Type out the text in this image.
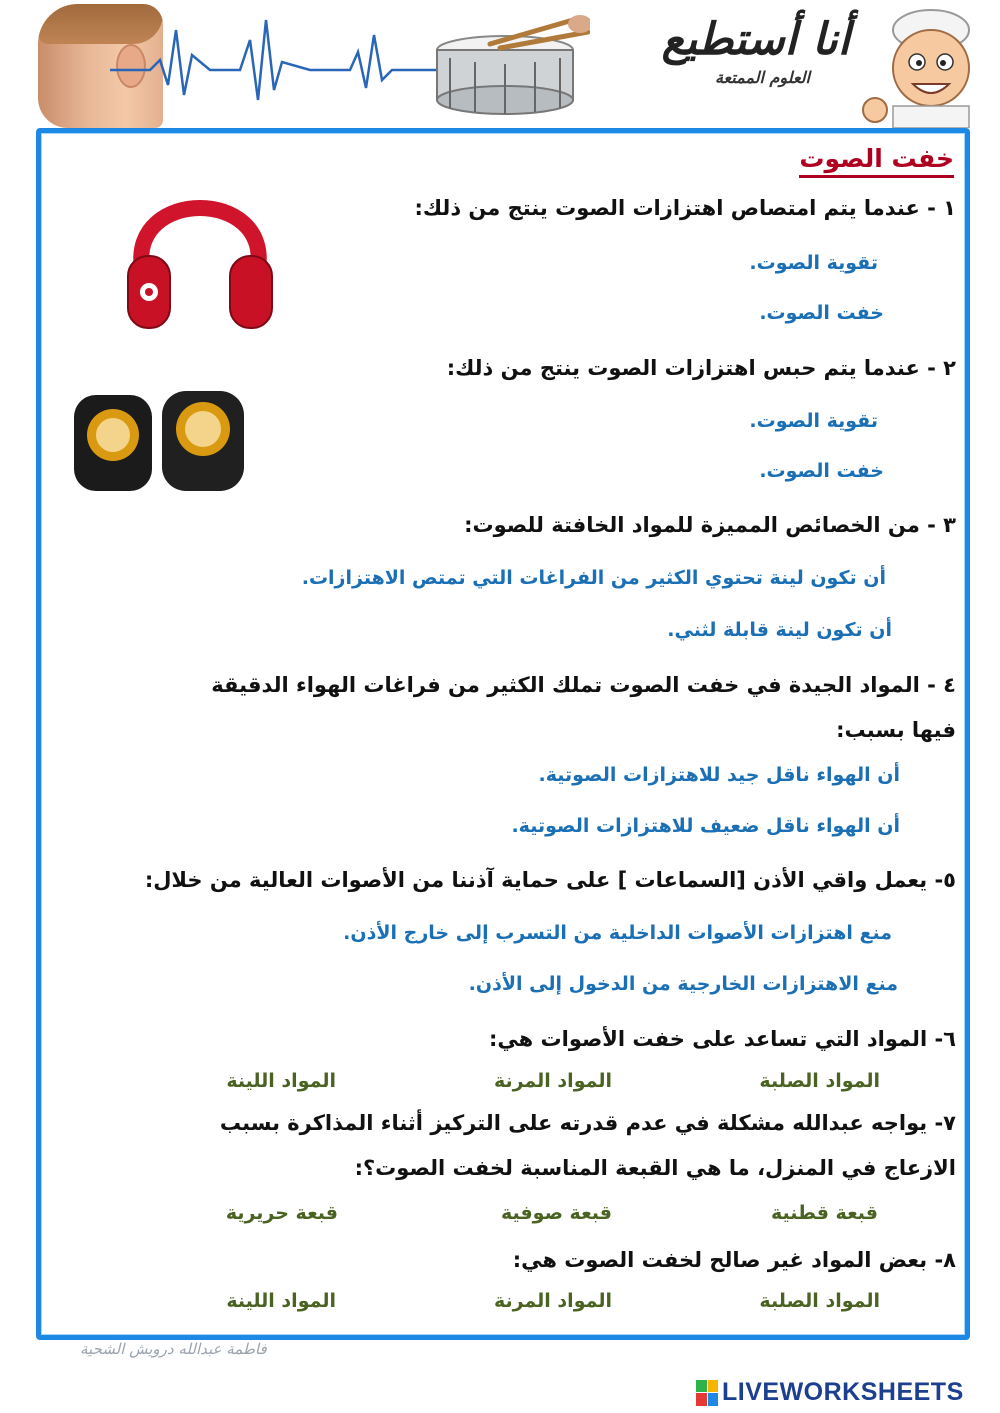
أنا أستطيع
العلوم الممتعة
خفت الصوت
١ - عندما يتم امتصاص اهتزازات الصوت ينتج من ذلك:
تقوية الصوت.
خفت الصوت.
٢ - عندما يتم حبس اهتزازات الصوت ينتج من ذلك:
تقوية الصوت.
خفت الصوت.
٣ - من الخصائص المميزة للمواد الخافتة للصوت:
أن تكون لينة تحتوي الكثير من الفراغات التي تمتص الاهتزازات.
أن تكون لينة قابلة لثني.
٤ - المواد الجيدة في خفت الصوت تملك الكثير من فراغات الهواء الدقيقة
فيها بسبب:
أن الهواء ناقل جيد للاهتزازات الصوتية.
أن الهواء ناقل ضعيف للاهتزازات الصوتية.
٥- يعمل واقي الأذن [السماعات ] على حماية آذننا من الأصوات العالية من خلال:
منع اهتزازات الأصوات الداخلية من التسرب إلى خارج الأذن.
منع الاهتزازات الخارجية من الدخول إلى الأذن.
٦- المواد التي تساعد على خفت الأصوات هي:
المواد الصلبة
المواد المرنة
المواد اللينة
٧- يواجه عبدالله مشكلة في عدم قدرته على التركيز أثناء المذاكرة بسبب
الازعاج في المنزل، ما هي القبعة المناسبة لخفت الصوت؟:
قبعة قطنية
قبعة صوفية
قبعة حريرية
٨- بعض المواد غير صالح لخفت الصوت هي:
المواد الصلبة
المواد المرنة
المواد اللينة
فاطمة عبدالله درويش الشحية
LIVEWORKSHEETS
